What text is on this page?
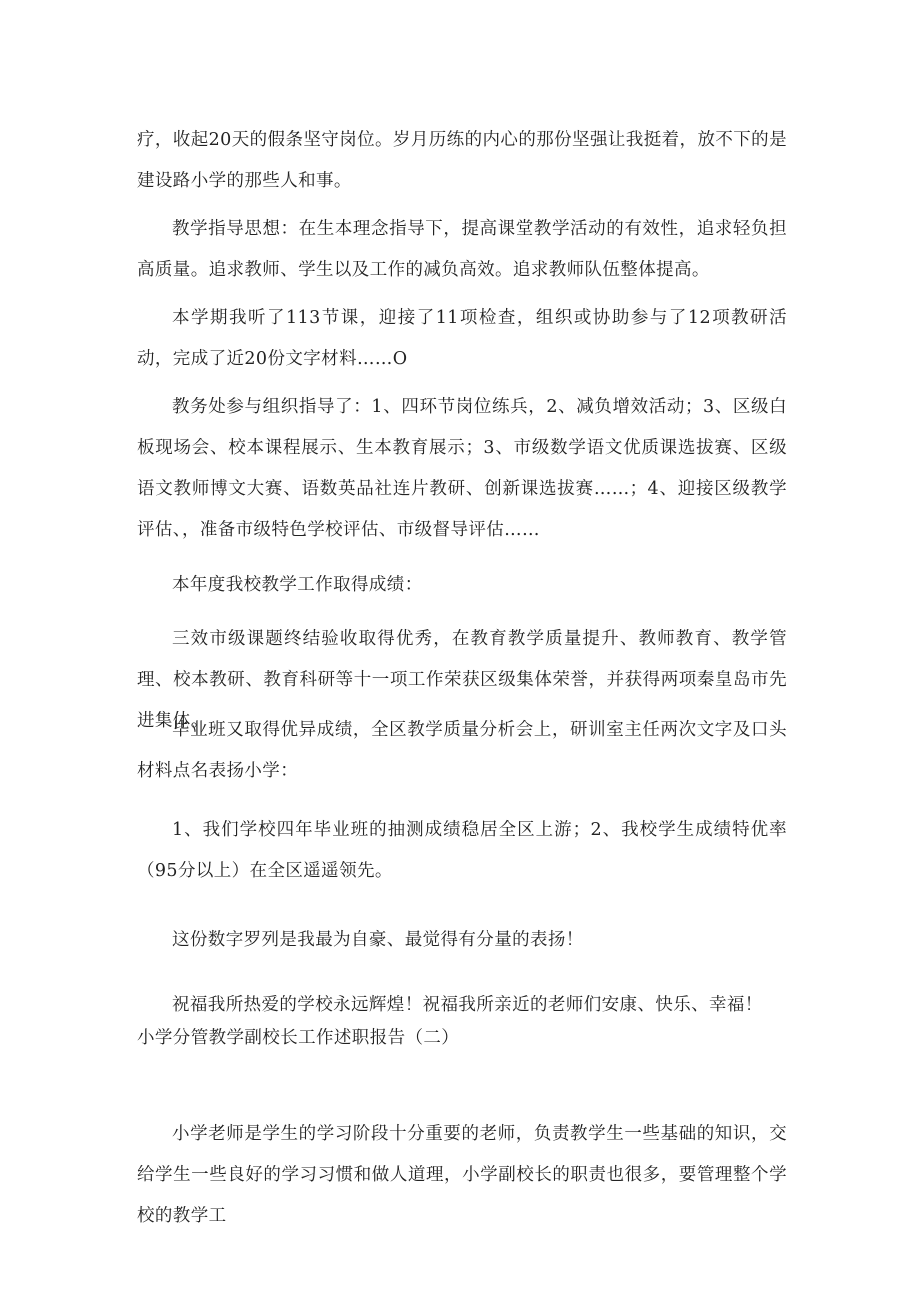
疗，收起20天的假条坚守岗位。岁月历练的内心的那份坚强让我挺着，放不下的是建设路小学的那些人和事。

教学指导思想：在生本理念指导下，提高课堂教学活动的有效性，追求轻负担高质量。追求教师、学生以及工作的减负高效。追求教师队伍整体提高。

本学期我听了113节课，迎接了11项检查，组织或协助参与了12项教研活动，完成了近20份文字材料……O

教务处参与组织指导了：1、四环节岗位练兵，2、减负增效活动；3、区级白板现场会、校本课程展示、生本教育展示；3、市级数学语文优质课选拔赛、区级语文教师博文大赛、语数英品社连片教研、创新课选拔赛……；4、迎接区级教学评估、，准备市级特色学校评估、市级督导评估……

本年度我校教学工作取得成绩：

三效市级课题终结验收取得优秀，在教育教学质量提升、教师教育、教学管理、校本教研、教育科研等十一项工作荣获区级集体荣誉，并获得两项秦皇岛市先进集体。

毕业班又取得优异成绩，全区教学质量分析会上，研训室主任两次文字及口头材料点名表扬小学：

1、我们学校四年毕业班的抽测成绩稳居全区上游；2、我校学生成绩特优率（95分以上）在全区遥遥领先。

这份数字罗列是我最为自豪、最觉得有分量的表扬！

祝福我所热爱的学校永远辉煌！祝福我所亲近的老师们安康、快乐、幸福！

小学分管教学副校长工作述职报告（二）

小学老师是学生的学习阶段十分重要的老师，负责教学生一些基础的知识，交给学生一些良好的学习习惯和做人道理，小学副校长的职责也很多，要管理整个学校的教学工
